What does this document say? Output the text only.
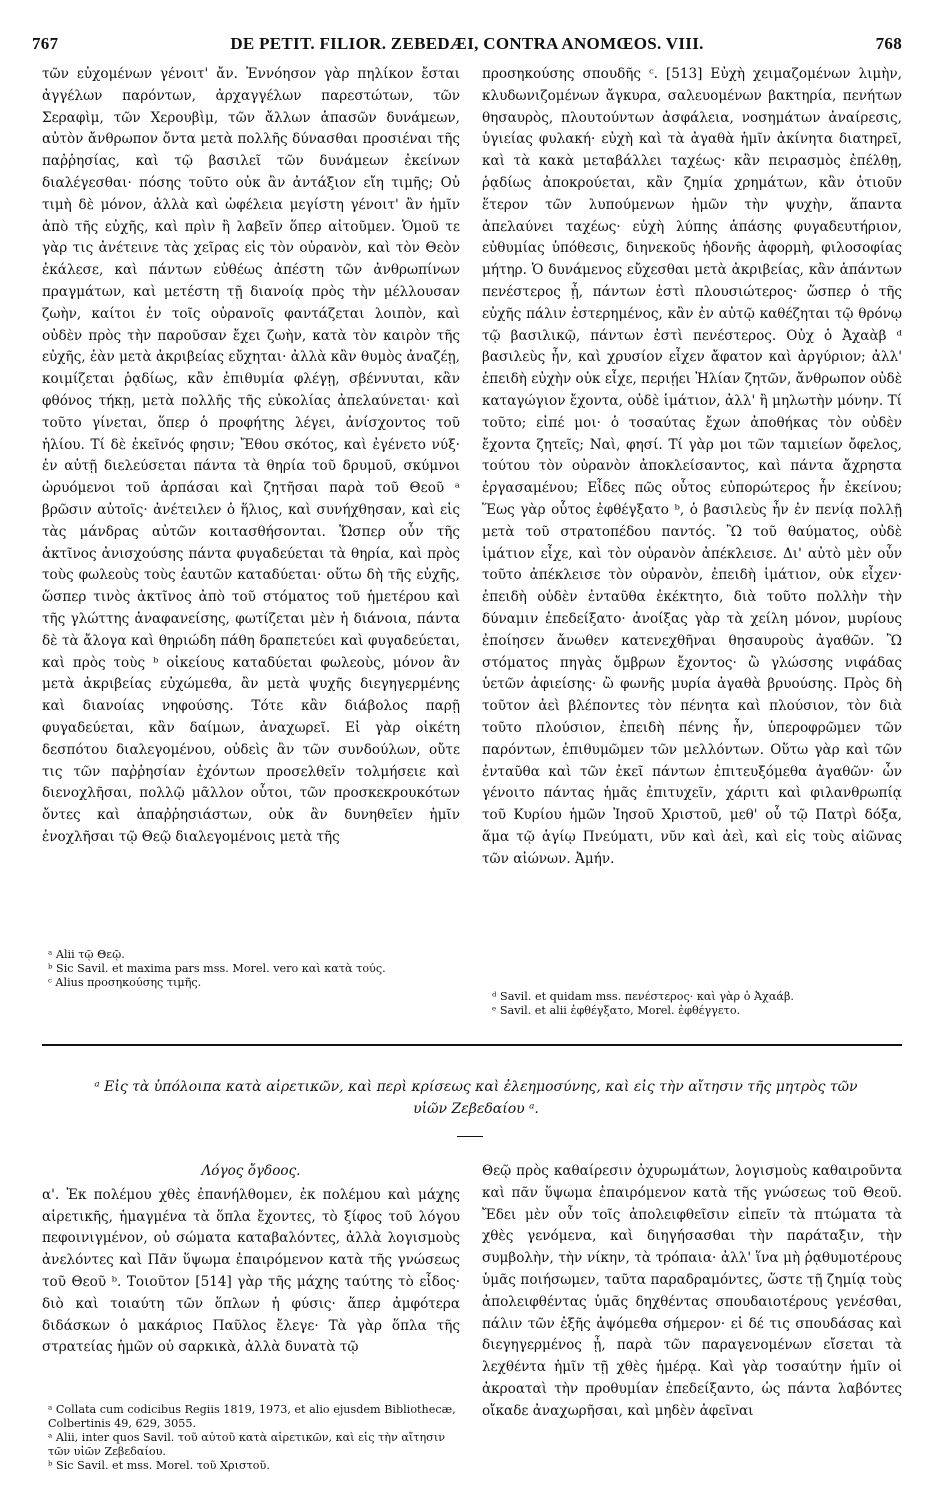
767	DE PETIT. FILIOR. ZEBEDÆI, CONTRA ANOMŒOS. VIII.	768

τῶν εὐχομένων γένοιτ' ἄν. Ἐννόησον γὰρ πηλίκον ἔσται ἀγγέλων παρόντων, ἀρχαγγέλων παρεστώτων, τῶν Σεραφὶμ, τῶν Χερουβὶμ, τῶν ἄλλων ἁπασῶν δυνάμεων, αὐτὸν ἄνθρωπον ὄντα μετὰ πολλῆς δύνασθαι προσιέναι τῆς παῤῥησίας, καὶ τῷ βασιλεῖ τῶν δυνάμεων ἐκείνων διαλέγεσθαι· πόσης τοῦτο οὐκ ἂν ἀντάξιον εἴη τιμῆς; Οὐ τιμὴ δὲ μόνον, ἀλλὰ καὶ ὠφέλεια μεγίστη γένοιτ' ἂν ἡμῖν ἀπὸ τῆς εὐχῆς, καὶ πρὶν ἢ λαβεῖν ὅπερ αἰτοῦμεν. Ὁμοῦ τε γὰρ τις ἀνέτεινε τὰς χεῖρας εἰς τὸν οὐρανὸν, καὶ τὸν Θεὸν ἐκάλεσε, καὶ πάντων εὐθέως ἀπέστη τῶν ἀνθρωπίνων πραγμάτων, καὶ μετέστη τῇ διανοίᾳ πρὸς τὴν μέλλουσαν ζωὴν, καίτοι ἐν τοῖς οὐρανοῖς φαντάζεται λοιπὸν, καὶ οὐδὲν πρὸς τὴν παροῦσαν ἔχει ζωὴν, κατὰ τὸν καιρὸν τῆς εὐχῆς, ἐὰν μετὰ ἀκριβείας εὔχηται· ἀλλὰ κἂν θυμὸς ἀναζέῃ, κοιμίζεται ῥᾳδίως, κἂν ἐπιθυμία φλέγῃ, σβέννυται, κἂν φθόνος τήκῃ, μετὰ πολλῆς τῆς εὐκολίας ἀπελαύνεται· καὶ τοῦτο γίνεται, ὅπερ ὁ προφήτης λέγει, ἀνίσχοντος τοῦ ἡλίου. Τί δὲ ἐκεῖνός φησιν; Ἔθου σκότος, καὶ ἐγένετο νύξ· ἐν αὐτῇ διελεύσεται πάντα τὰ θηρία τοῦ δρυμοῦ, σκύμνοι ὠρυόμενοι τοῦ ἁρπάσαι καὶ ζητῆσαι παρὰ τοῦ Θεοῦ ᵃ βρῶσιν αὐτοῖς· ἀνέτειλεν ὁ ἥλιος, καὶ συνήχθησαν, καὶ εἰς τὰς μάνδρας αὐτῶν κοιτασθήσονται. Ὥσπερ οὖν τῆς ἀκτῖνος ἀνισχούσης πάντα φυγαδεύεται τὰ θηρία, καὶ πρὸς τοὺς φωλεοὺς τοὺς ἑαυτῶν καταδύεται· οὕτω δὴ τῆς εὐχῆς, ὥσπερ τινὸς ἀκτῖνος ἀπὸ τοῦ στόματος τοῦ ἡμετέρου καὶ τῆς γλώττης ἀναφανείσης, φωτίζεται μὲν ἡ διάνοια, πάντα δὲ τὰ ἄλογα καὶ θηριώδη πάθη δραπετεύει καὶ φυγαδεύεται, καὶ πρὸς τοὺς ᵇ οἰκείους καταδύεται φωλεοὺς, μόνον ἂν μετὰ ἀκριβείας εὐχώμεθα, ἂν μετὰ ψυχῆς διεγηγερμένης καὶ διανοίας νηφούσης. Τότε κἂν διάβολος παρῇ φυγαδεύεται, κἂν δαίμων, ἀναχωρεῖ. Εἰ γὰρ οἰκέτη δεσπότου διαλεγομένου, οὐδεὶς ἂν τῶν συνδούλων, οὔτε τις τῶν παῤῥησίαν ἐχόντων προσελθεῖν τολμήσειε καὶ διενοχλῆσαι, πολλῷ μᾶλλον οὗτοι, τῶν προσκεκρουκότων ὄντες καὶ ἀπαῤῥησιάστων, οὐκ ἂν δυνηθεῖεν ἡμῖν ἐνοχλῆσαι τῷ Θεῷ διαλεγομένοις μετὰ τῆς

προσηκούσης σπουδῆς ᶜ. [513] Εὐχὴ χειμαζομένων λιμὴν, κλυδωνιζομένων ἄγκυρα, σαλευομένων βακτηρία, πενήτων θησαυρὸς, πλουτούντων ἀσφάλεια, νοσημάτων ἀναίρεσις, ὑγιείας φυλακή· εὐχὴ καὶ τὰ ἀγαθὰ ἡμῖν ἀκίνητα διατηρεῖ, καὶ τὰ κακὰ μεταβάλλει ταχέως· κἂν πειρασμὸς ἐπέλθῃ, ῥᾳδίως ἀποκρούεται, κἂν ζημία χρημάτων, κἂν ὁτιοῦν ἕτερον τῶν λυπούμενων ἡμῶν τὴν ψυχὴν, ἅπαντα ἀπελαύνει ταχέως· εὐχὴ λύπης ἁπάσης φυγαδευτήριον, εὐθυμίας ὑπόθεσις, διηνεκοῦς ἡδονῆς ἀφορμὴ, φιλοσοφίας μήτηρ. Ὁ δυνάμενος εὔχεσθαι μετὰ ἀκριβείας, κἂν ἁπάντων πενέστερος ᾖ, πάντων ἐστὶ πλουσιώτερος· ὥσπερ ὁ τῆς εὐχῆς πάλιν ἐστερημένος, κἂν ἐν αὐτῷ καθέζηται τῷ θρόνῳ τῷ βασιλικῷ, πάντων ἐστὶ πενέστερος. Οὐχ ὁ Ἀχαὰβ ᵈ βασιλεὺς ἦν, καὶ χρυσίον εἶχεν ἄφατον καὶ ἀργύριον; ἀλλ' ἐπειδὴ εὐχὴν οὐκ εἶχε, περιῄει Ἠλίαν ζητῶν, ἄνθρωπον οὐδὲ καταγώγιον ἔχοντα, οὐδὲ ἱμάτιον, ἀλλ' ἢ μηλωτὴν μόνην. Τί τοῦτο; εἰπέ μοι· ὁ τοσαύτας ἔχων ἀποθήκας τὸν οὐδὲν ἔχοντα ζητεῖς; Ναὶ, φησί. Τί γὰρ μοι τῶν ταμιείων ὄφελος, τούτου τὸν οὐρανὸν ἀποκλείσαντος, καὶ πάντα ἄχρηστα ἐργασαμένου; Εἶδες πῶς οὗτος εὐπορώτερος ἦν ἐκείνου; Ἕως γὰρ οὗτος ἐφθέγξατο ᵇ, ὁ βασιλεὺς ἦν ἐν πενίᾳ πολλῇ μετὰ τοῦ στρατοπέδου παντός. Ὢ τοῦ θαύματος, οὐδὲ ἱμάτιον εἶχε, καὶ τὸν οὐρανὸν ἀπέκλεισε. Δι' αὐτὸ μὲν οὖν τοῦτο ἀπέκλεισε τὸν οὐρανὸν, ἐπειδὴ ἱμάτιον, οὐκ εἶχεν· ἐπειδὴ οὐδὲν ἐνταῦθα ἐκέκτητο, διὰ τοῦτο πολλὴν τὴν δύναμιν ἐπεδείξατο· ἀνοίξας γὰρ τὰ χείλη μόνον, μυρίους ἐποίησεν ἄνωθεν κατενεχθῆναι θησαυροὺς ἀγαθῶν. Ὢ στόματος πηγὰς ὄμβρων ἔχοντος· ὢ γλώσσης νιφάδας ὑετῶν ἀφιείσης· ὢ φωνῆς μυρία ἀγαθὰ βρυούσης. Πρὸς δὴ τοῦτον ἀεὶ βλέποντες τὸν πένητα καὶ πλούσιον, τὸν διὰ τοῦτο πλούσιον, ἐπειδὴ πένης ἦν, ὑπεροφρῶμεν τῶν παρόντων, ἐπιθυμῶμεν τῶν μελλόντων. Οὕτω γὰρ καὶ τῶν ἐνταῦθα καὶ τῶν ἐκεῖ πάντων ἐπιτευξόμεθα ἀγαθῶν· ὧν γένοιτο πάντας ἡμᾶς ἐπιτυχεῖν, χάριτι καὶ φιλανθρωπίᾳ τοῦ Κυρίου ἡμῶν Ἰησοῦ Χριστοῦ, μεθ' οὗ τῷ Πατρὶ δόξα, ἅμα τῷ ἁγίῳ Πνεύματι, νῦν καὶ ἀεὶ, καὶ εἰς τοὺς αἰῶνας τῶν αἰώνων. Ἀμήν.

ᵃ Alii τῷ Θεῷ.
ᵇ Sic Savil. et maxima pars mss. Morel. vero καὶ κατὰ τούς.
ᶜ Alius προσηκούσης τιμῆς.
ᵈ Savil. et quidam mss. πενέστερος· καὶ γὰρ ὁ Ἀχαάβ.
ᵉ Savil. et alii ἐφθέγξατο, Morel. ἐφθέγγετο.
ᵃ Εἰς τὰ ὑπόλοιπα κατὰ αἱρετικῶν, καὶ περὶ κρίσεως καὶ ἐλεημοσύνης, καὶ εἰς τὴν αἴτησιν τῆς μητρὸς τῶν υἱῶν Ζεβεδαίου ᵃ.
Λόγος ὄγδοος.

α'. Ἐκ πολέμου χθὲς ἐπανήλθομεν, ἐκ πολέμου καὶ μάχης αἱρετικῆς, ἡμαγμένα τὰ ὅπλα ἔχοντες, τὸ ξίφος τοῦ λόγου πεφοινιγμένον, οὐ σώματα καταβαλόντες, ἀλλὰ λογισμοὺς ἀνελόντες καὶ Πᾶν ὕψωμα ἐπαιρόμενον κατὰ τῆς γνώσεως τοῦ Θεοῦ ᵇ. Τοιοῦτον [514] γὰρ τῆς μάχης ταύτης τὸ εἶδος· διὸ καὶ τοιαύτη τῶν ὅπλων ἡ φύσις· ἅπερ ἀμφότερα διδάσκων ὁ μακάριος Παῦλος ἔλεγε· Τὰ γὰρ ὅπλα τῆς στρατείας ἡμῶν οὐ σαρκικὰ, ἀλλὰ δυνατὰ τῷ

Θεῷ πρὸς καθαίρεσιν ὀχυρωμάτων, λογισμοὺς καθαιροῦντα καὶ πᾶν ὕψωμα ἐπαιρόμενον κατὰ τῆς γνώσεως τοῦ Θεοῦ. Ἔδει μὲν οὖν τοῖς ἀπολειφθεῖσιν εἰπεῖν τὰ πτώματα τὰ χθὲς γενόμενα, καὶ διηγήσασθαι τὴν παράταξιν, τὴν συμβολὴν, τὴν νίκην, τὰ τρόπαια· ἀλλ' ἵνα μὴ ῥᾳθυμοτέρους ὑμᾶς ποιήσωμεν, ταῦτα παραδραμόντες, ὥστε τῇ ζημίᾳ τοὺς ἀπολειφθέντας ὑμᾶς δηχθέντας σπουδαιοτέρους γενέσθαι, πάλιν τῶν ἐξῆς ἀψόμεθα σήμερον· εἰ δέ τις σπουδάσας καὶ διεγηγερμένος ᾖ, παρὰ τῶν παραγενομένων εἴσεται τὰ λεχθέντα ἡμῖν τῇ χθὲς ἡμέρᾳ. Καὶ γὰρ τοσαύτην ἡμῖν οἱ ἀκροαταὶ τὴν προθυμίαν ἐπεδείξαντο, ὡς πάντα λαβόντες οἴκαδε ἀναχωρῆσαι, καὶ μηδὲν ἀφεῖναι

ᵃ Collata cum codicibus Regiis 1819, 1973, et alio ejusdem Bibliothecæ, Colbertinis 49, 629, 3055.
ᵃ Alii, inter quos Savil. τοῦ αὐτοῦ κατὰ αἱρετικῶν, καὶ εἰς τὴν αἴτησιν τῶν υἱῶν Ζεβεδαίου.
ᵇ Sic Savil. et mss. Morel. τοῦ Χριστοῦ.
